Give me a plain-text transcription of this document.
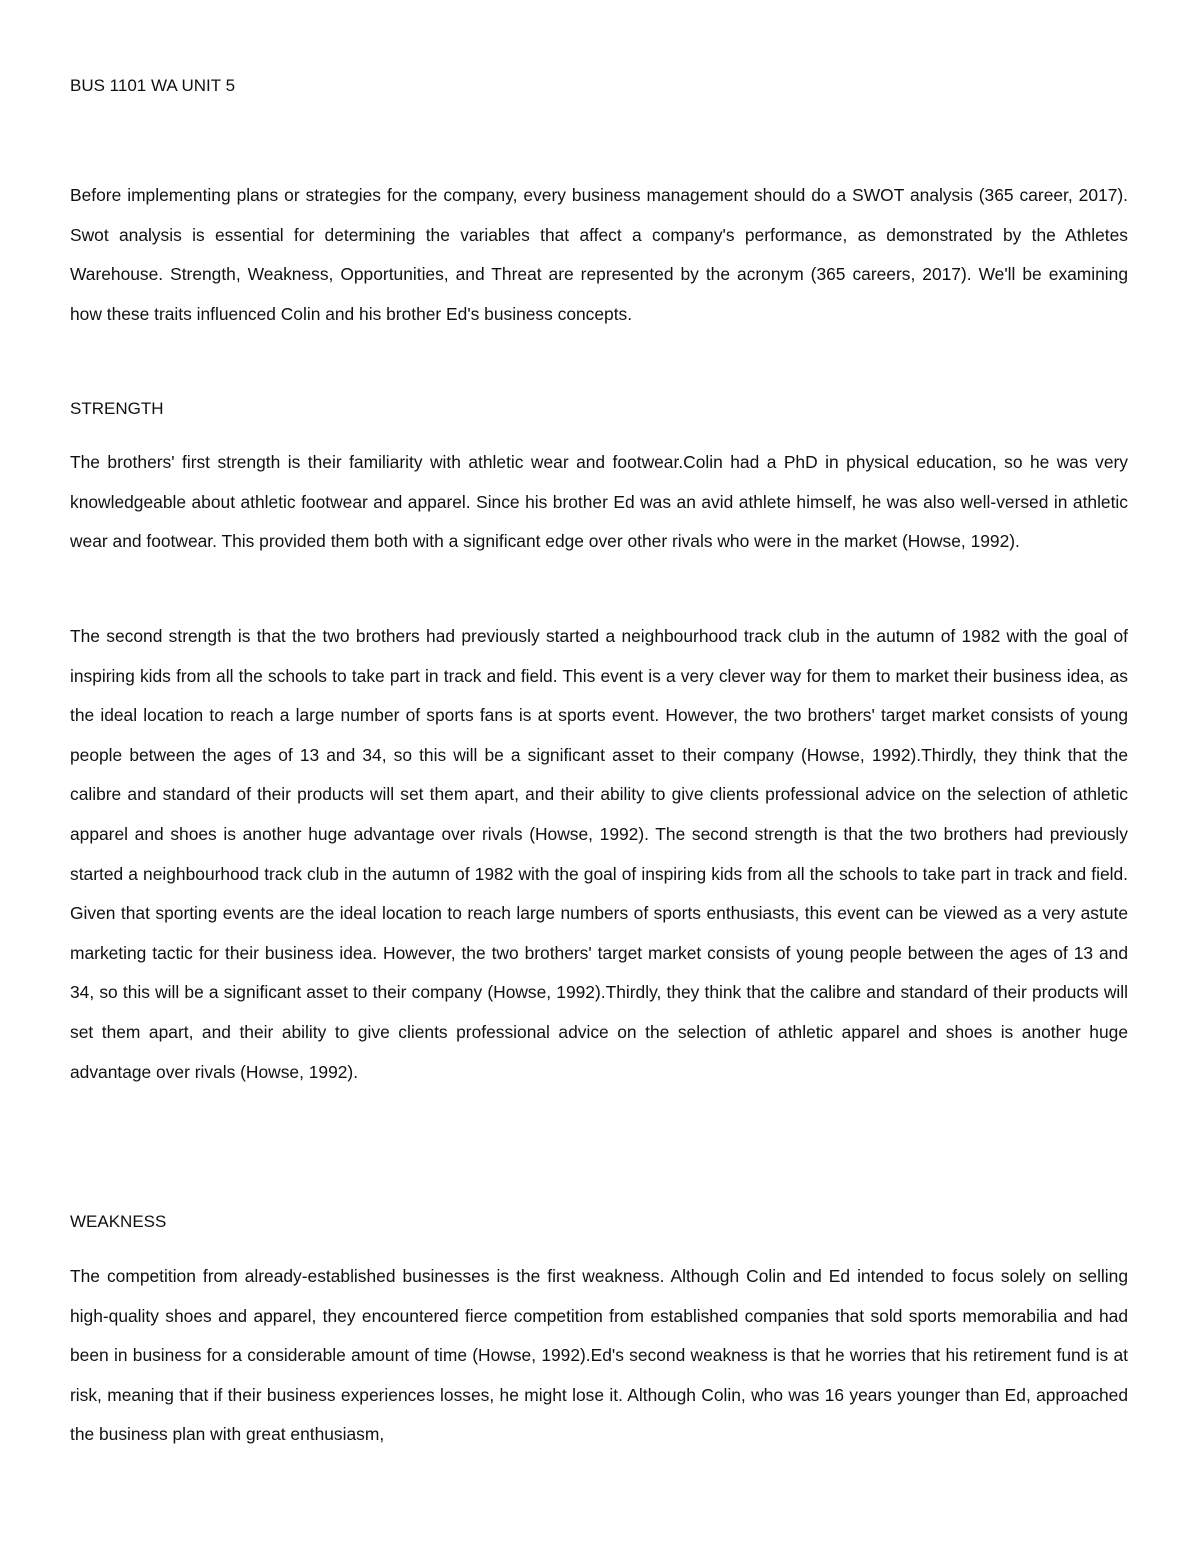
BUS 1101 WA UNIT 5

Before implementing plans or strategies for the company, every business management should do a SWOT analysis (365 career, 2017). Swot analysis is essential for determining the variables that affect a company's performance, as demonstrated by the Athletes Warehouse. Strength, Weakness, Opportunities, and Threat are represented by the acronym (365 careers, 2017). We'll be examining how these traits influenced Colin and his brother Ed's business concepts.

STRENGTH

The brothers' first strength is their familiarity with athletic wear and footwear.Colin had a PhD in physical education, so he was very knowledgeable about athletic footwear and apparel. Since his brother Ed was an avid athlete himself, he was also well-versed in athletic wear and footwear. This provided them both with a significant edge over other rivals who were in the market (Howse, 1992).

The second strength is that the two brothers had previously started a neighbourhood track club in the autumn of 1982 with the goal of inspiring kids from all the schools to take part in track and field. This event is a very clever way for them to market their business idea, as the ideal location to reach a large number of sports fans is at sports event. However, the two brothers' target market consists of young people between the ages of 13 and 34, so this will be a significant asset to their company (Howse, 1992).Thirdly, they think that the calibre and standard of their products will set them apart, and their ability to give clients professional advice on the selection of athletic apparel and shoes is another huge advantage over rivals (Howse, 1992). The second strength is that the two brothers had previously started a neighbourhood track club in the autumn of 1982 with the goal of inspiring kids from all the schools to take part in track and field. Given that sporting events are the ideal location to reach large numbers of sports enthusiasts, this event can be viewed as a very astute marketing tactic for their business idea. However, the two brothers' target market consists of young people between the ages of 13 and 34, so this will be a significant asset to their company (Howse, 1992).Thirdly, they think that the calibre and standard of their products will set them apart, and their ability to give clients professional advice on the selection of athletic apparel and shoes is another huge advantage over rivals (Howse, 1992).

WEAKNESS

The competition from already-established businesses is the first weakness. Although Colin and Ed intended to focus solely on selling high-quality shoes and apparel, they encountered fierce competition from established companies that sold sports memorabilia and had been in business for a considerable amount of time (Howse, 1992).Ed's second weakness is that he worries that his retirement fund is at risk, meaning that if their business experiences losses, he might lose it. Although Colin, who was 16 years younger than Ed, approached the business plan with great enthusiasm,
